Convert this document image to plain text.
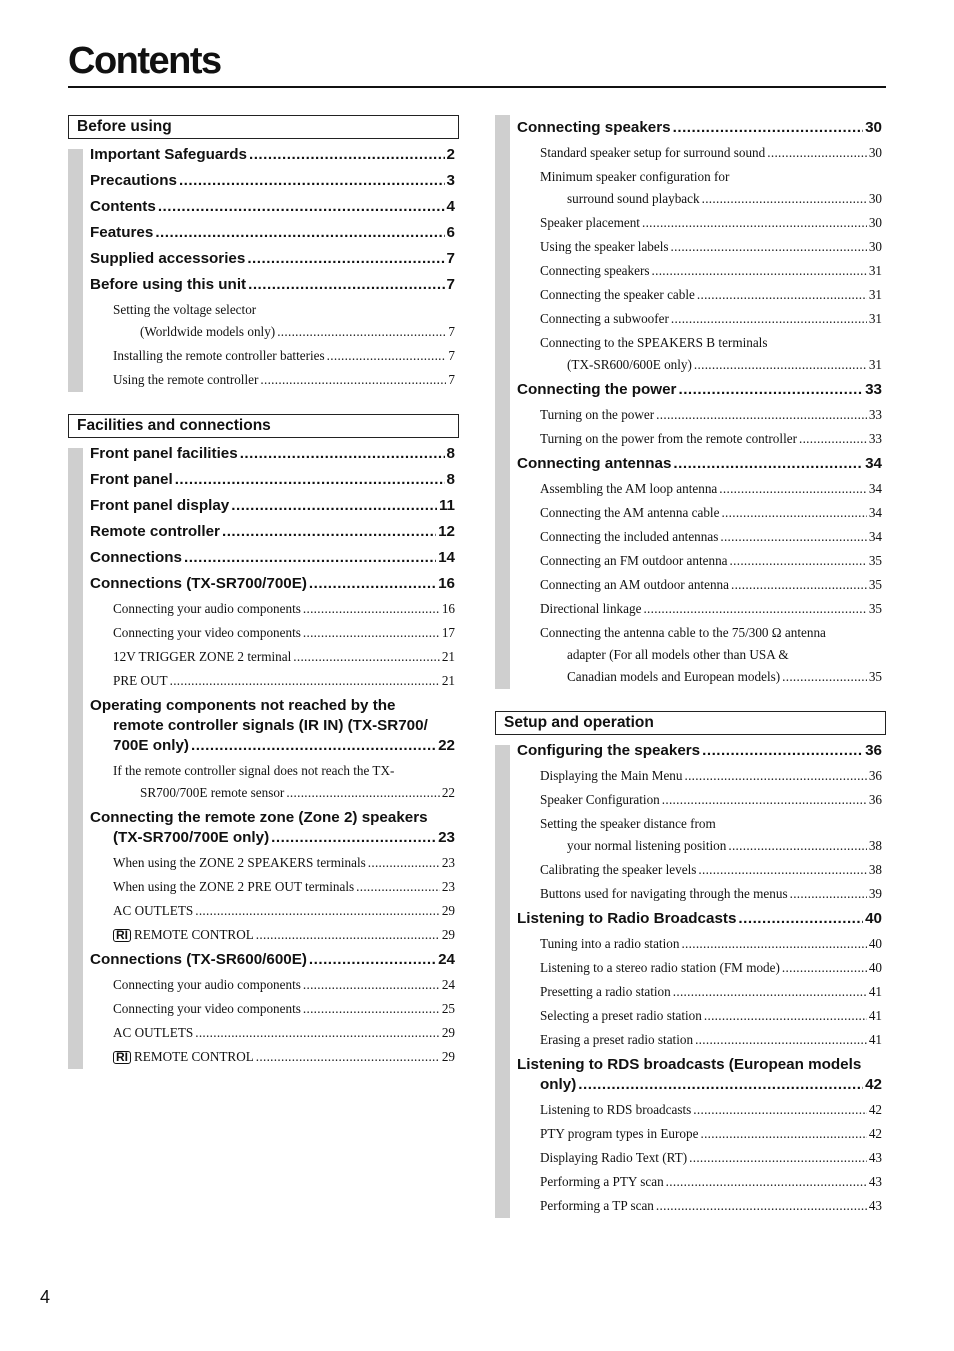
Contents
Before using
Important Safeguards .....	2
Precautions .....	3
Contents .....	4
Features .....	6
Supplied accessories .....	7
Before using this unit .....	7
Setting the voltage selector
(Worldwide models only) .....	7
Installing the remote controller batteries .....	7
Using the remote controller .....	7
Facilities and connections
Front panel facilities .....	8
Front panel .....	8
Front panel display .....	11
Remote controller .....	12
Connections .....	14
Connections (TX-SR700/700E) .....	16
Connecting your audio components .....	16
Connecting your video components .....	17
12V TRIGGER ZONE 2 terminal .....	21
PRE OUT .....	21
Operating components not reached by the
remote controller signals (IR IN) (TX-SR700/
700E only) .....	22
If the remote controller signal does not reach the TX-
SR700/700E remote sensor .....	22
Connecting the remote zone (Zone 2) speakers
(TX-SR700/700E only) .....	23
When using the ZONE 2 SPEAKERS terminals .....	23
When using the ZONE 2 PRE OUT terminals .....	23
AC OUTLETS .....	29
RI REMOTE CONTROL .....	29
Connections (TX-SR600/600E) .....	24
Connecting your audio components .....	24
Connecting your video components .....	25
AC OUTLETS .....	29
RI REMOTE CONTROL .....	29
Connecting speakers .....	30
Standard speaker setup for surround sound .....	30
Minimum speaker configuration for
surround sound playback .....	30
Speaker placement .....	30
Using the speaker labels .....	30
Connecting speakers .....	31
Connecting the speaker cable .....	31
Connecting a subwoofer .....	31
Connecting to the SPEAKERS B terminals
(TX-SR600/600E only) .....	31
Connecting the power .....	33
Turning on the power .....	33
Turning on the power from the remote controller .....	33
Connecting antennas .....	34
Assembling the AM loop antenna .....	34
Connecting the AM antenna cable .....	34
Connecting the included antennas .....	34
Connecting an FM outdoor antenna .....	35
Connecting an AM outdoor antenna .....	35
Directional linkage .....	35
Connecting the antenna cable to the 75/300 Ω antenna
adapter (For all models other than USA &
Canadian models and European models) .....	35
Setup and operation
Configuring the speakers .....	36
Displaying the Main Menu .....	36
Speaker Configuration .....	36
Setting the speaker distance from
your normal listening position .....	38
Calibrating the speaker levels .....	38
Buttons used for navigating through the menus .....	39
Listening to Radio Broadcasts .....	40
Tuning into a radio station .....	40
Listening to a stereo radio station (FM mode) .....	40
Presetting a radio station .....	41
Selecting a preset radio station .....	41
Erasing a preset radio station .....	41
Listening to RDS broadcasts (European models
only) .....	42
Listening to RDS broadcasts .....	42
PTY program types in Europe .....	42
Displaying Radio Text (RT) .....	43
Performing a PTY scan .....	43
Performing a TP scan .....	43
4
